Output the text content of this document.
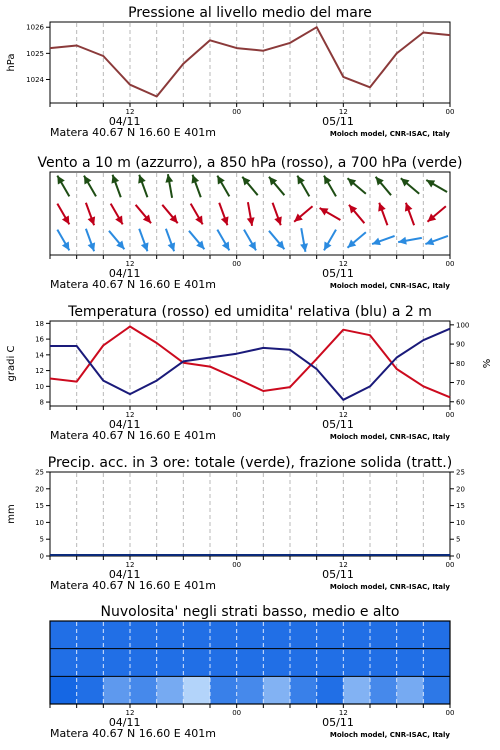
Pressione al livello medio del mare
1024
1025
1026
hPa
12	00	12	00
04/11	05/11
Matera 40.67 N 16.60 E 401m	Moloch model, CNR-ISAC, Italy
Vento a 10 m (azzurro), a 850 hPa (rosso), a 700 hPa (verde)
12	00	12	00
04/11	05/11
Matera 40.67 N 16.60 E 401m	Moloch model, CNR-ISAC, Italy
Temperatura (rosso) ed umidita' relativa (blu) a 2 m
8
10
12
14
16
18
60
70
80
90
100
gradi C	%
12	00	12	00
04/11	05/11
Matera 40.67 N 16.60 E 401m	Moloch model, CNR-ISAC, Italy
Precip. acc. in 3 ore: totale (verde), frazione solida (tratt.)
0
5
10
15
20
25
0
5
10
15
20
25
mm
12	00	12	00
04/11	05/11
Matera 40.67 N 16.60 E 401m	Moloch model, CNR-ISAC, Italy
Nuvolosita' negli strati basso, medio e alto
12	00	12	00
04/11	05/11
Matera 40.67 N 16.60 E 401m	Moloch model, CNR-ISAC, Italy
